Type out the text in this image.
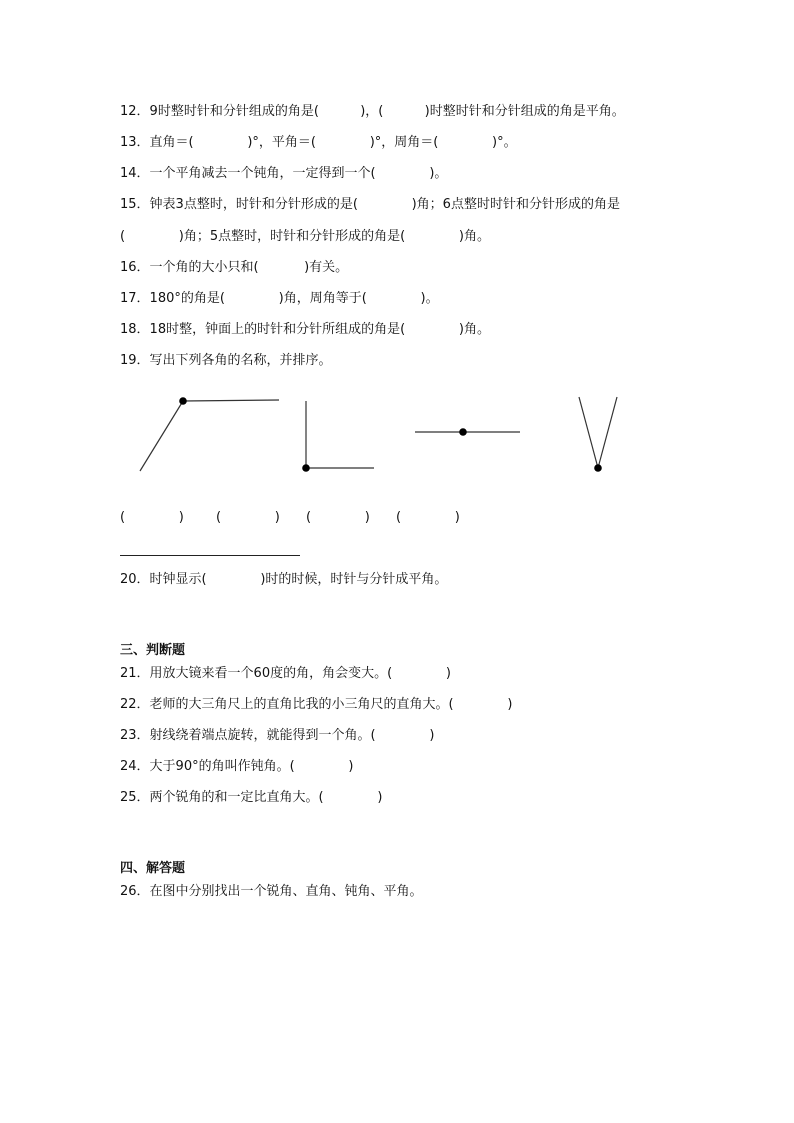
12．9时整时针和分针组成的角是(          )，(          )时整时针和分针组成的角是平角。
13．直角＝(             )°，平角＝(             )°，周角＝(             )°。
14．一个平角减去一个钝角，一定得到一个(             )。
15．钟表3点整时，时针和分针形成的是(             )角；6点整时时针和分针形成的角是
(             )角；5点整时，时针和分针形成的角是(             )角。
16．一个角的大小只和(           )有关。
17．180°的角是(             )角，周角等于(             )。
18．18时整，钟面上的时针和分针所组成的角是(             )角。
19．写出下列各角的名称，并排序。
(             ) (             ) (             ) (             )
20．时钟显示(             )时的时候，时针与分针成平角。
三、判断题
21．用放大镜来看一个60度的角，角会变大。(             )
22．老师的大三角尺上的直角比我的小三角尺的直角大。(             )
23．射线绕着端点旋转，就能得到一个角。(             )
24．大于90°的角叫作钝角。(             )
25．两个锐角的和一定比直角大。(             )
四、解答题
26．在图中分别找出一个锐角、直角、钝角、平角。
